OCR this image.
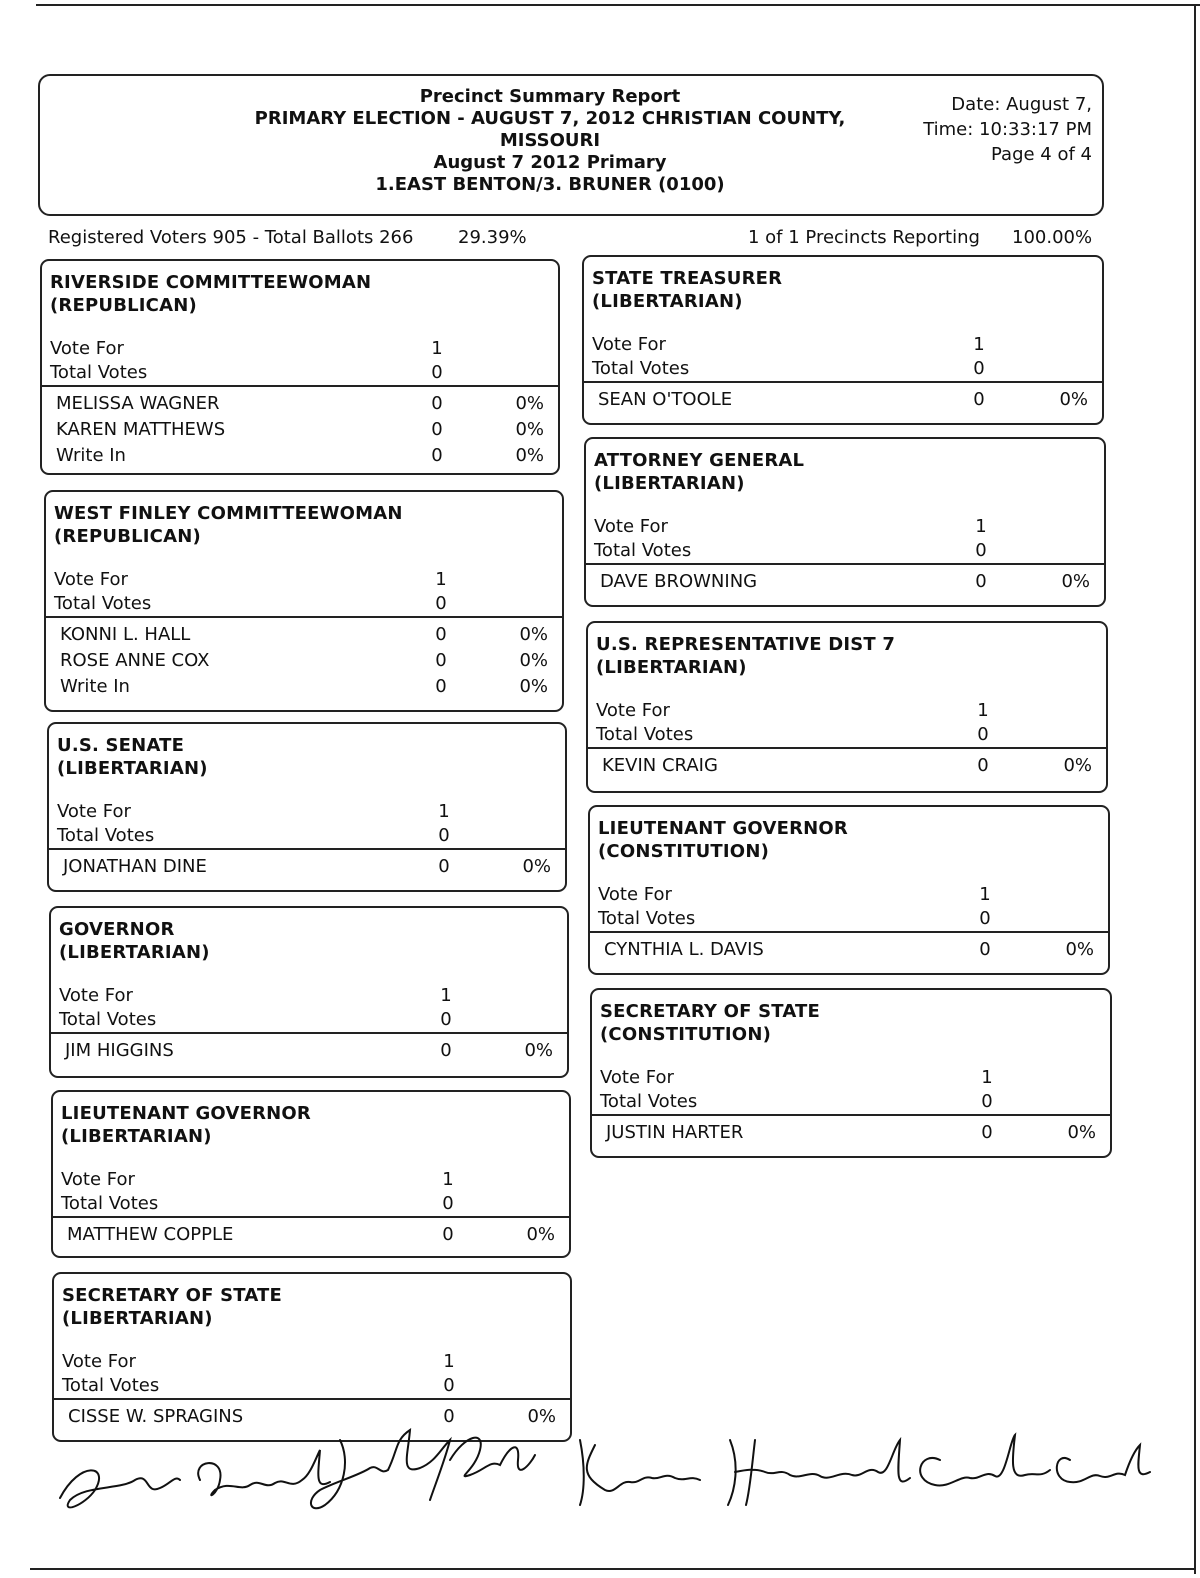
Precinct Summary Report
PRIMARY ELECTION - AUGUST 7, 2012 CHRISTIAN COUNTY,
MISSOURI
August 7 2012 Primary
1.EAST BENTON/3. BRUNER (0100)
Date: August 7,
Time: 10:33:17 PM
Page 4 of 4
Registered Voters 905 - Total Ballots 266 29.39%	1 of 1 Precincts Reporting 100.00%
RIVERSIDE COMMITTEEWOMAN
(REPUBLICAN)
Vote For	1
Total Votes	0
MELISSA WAGNER	0	0%
KAREN MATTHEWS	0	0%
Write In	0	0%
WEST FINLEY COMMITTEEWOMAN
(REPUBLICAN)
Vote For	1
Total Votes	0
KONNI L. HALL	0	0%
ROSE ANNE COX	0	0%
Write In	0	0%
U.S. SENATE
(LIBERTARIAN)
Vote For	1
Total Votes	0
JONATHAN DINE	0	0%
GOVERNOR
(LIBERTARIAN)
Vote For	1
Total Votes	0
JIM HIGGINS	0	0%
LIEUTENANT GOVERNOR
(LIBERTARIAN)
Vote For	1
Total Votes	0
MATTHEW COPPLE	0	0%
SECRETARY OF STATE
(LIBERTARIAN)
Vote For	1
Total Votes	0
CISSE W. SPRAGINS	0	0%
STATE TREASURER
(LIBERTARIAN)
Vote For	1
Total Votes	0
SEAN O'TOOLE	0	0%
ATTORNEY GENERAL
(LIBERTARIAN)
Vote For	1
Total Votes	0
DAVE BROWNING	0	0%
U.S. REPRESENTATIVE DIST 7
(LIBERTARIAN)
Vote For	1
Total Votes	0
KEVIN CRAIG	0	0%
LIEUTENANT GOVERNOR
(CONSTITUTION)
Vote For	1
Total Votes	0
CYNTHIA L. DAVIS	0	0%
SECRETARY OF STATE
(CONSTITUTION)
Vote For	1
Total Votes	0
JUSTIN HARTER	0	0%
